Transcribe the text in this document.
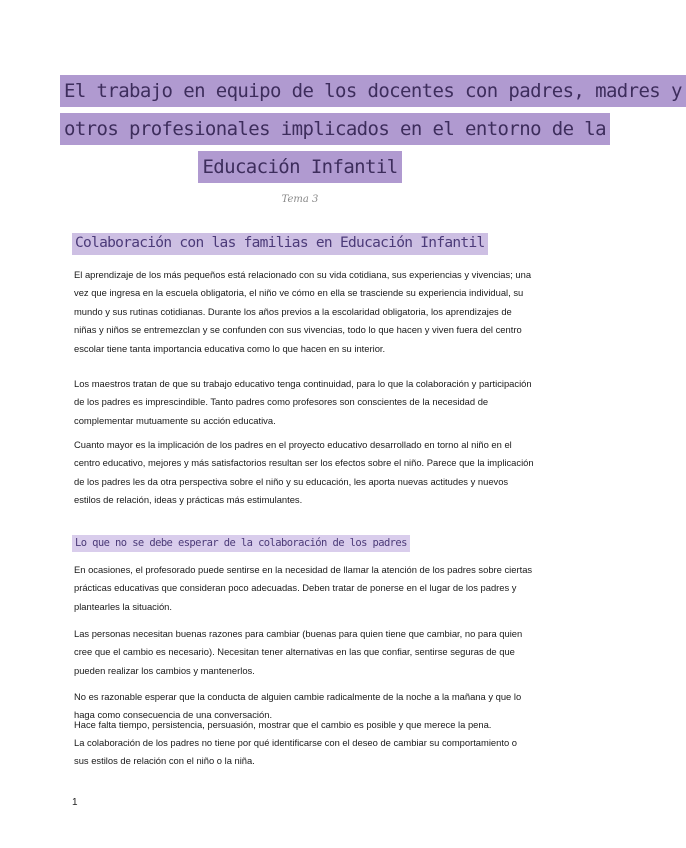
El trabajo en equipo de los docentes con padres, madres y
otros profesionales implicados en el entorno de la
Educación Infantil
Tema 3
Colaboración con las familias en Educación Infantil

El aprendizaje de los más pequeños está relacionado con su vida cotidiana, sus experiencias y vivencias; una vez que ingresa en la escuela obligatoria, el niño ve cómo en ella se trasciende su experiencia individual, su mundo y sus rutinas cotidianas. Durante los años previos a la escolaridad obligatoria, los aprendizajes de niñas y niños se entremezclan y se confunden con sus vivencias, todo lo que hacen y viven fuera del centro escolar tiene tanta importancia educativa como lo que hacen en su interior.

Los maestros tratan de que su trabajo educativo tenga continuidad, para lo que la colaboración y participación de los padres es imprescindible. Tanto padres como profesores son conscientes de la necesidad de complementar mutuamente su acción educativa.

Cuanto mayor es la implicación de los padres en el proyecto educativo desarrollado en torno al niño en el centro educativo, mejores y más satisfactorios resultan ser los efectos sobre el niño. Parece que la implicación de los padres les da otra perspectiva sobre el niño y su educación, les aporta nuevas actitudes y nuevos estilos de relación, ideas y prácticas más estimulantes.

Lo que no se debe esperar de la colaboración de los padres

En ocasiones, el profesorado puede sentirse en la necesidad de llamar la atención de los padres sobre ciertas prácticas educativas que consideran poco adecuadas. Deben tratar de ponerse en el lugar de los padres y plantearles la situación.

Las personas necesitan buenas razones para cambiar (buenas para quien tiene que cambiar, no para quien cree que el cambio es necesario). Necesitan tener alternativas en las que confiar, sentirse seguras de que pueden realizar los cambios y mantenerlos.

No es razonable esperar que la conducta de alguien cambie radicalmente de la noche a la mañana y que lo haga como consecuencia de una conversación.

Hace falta tiempo, persistencia, persuasión, mostrar que el cambio es posible y que merece la pena.

La colaboración de los padres no tiene por qué identificarse con el deseo de cambiar su comportamiento o sus estilos de relación con el niño o la niña.

1
